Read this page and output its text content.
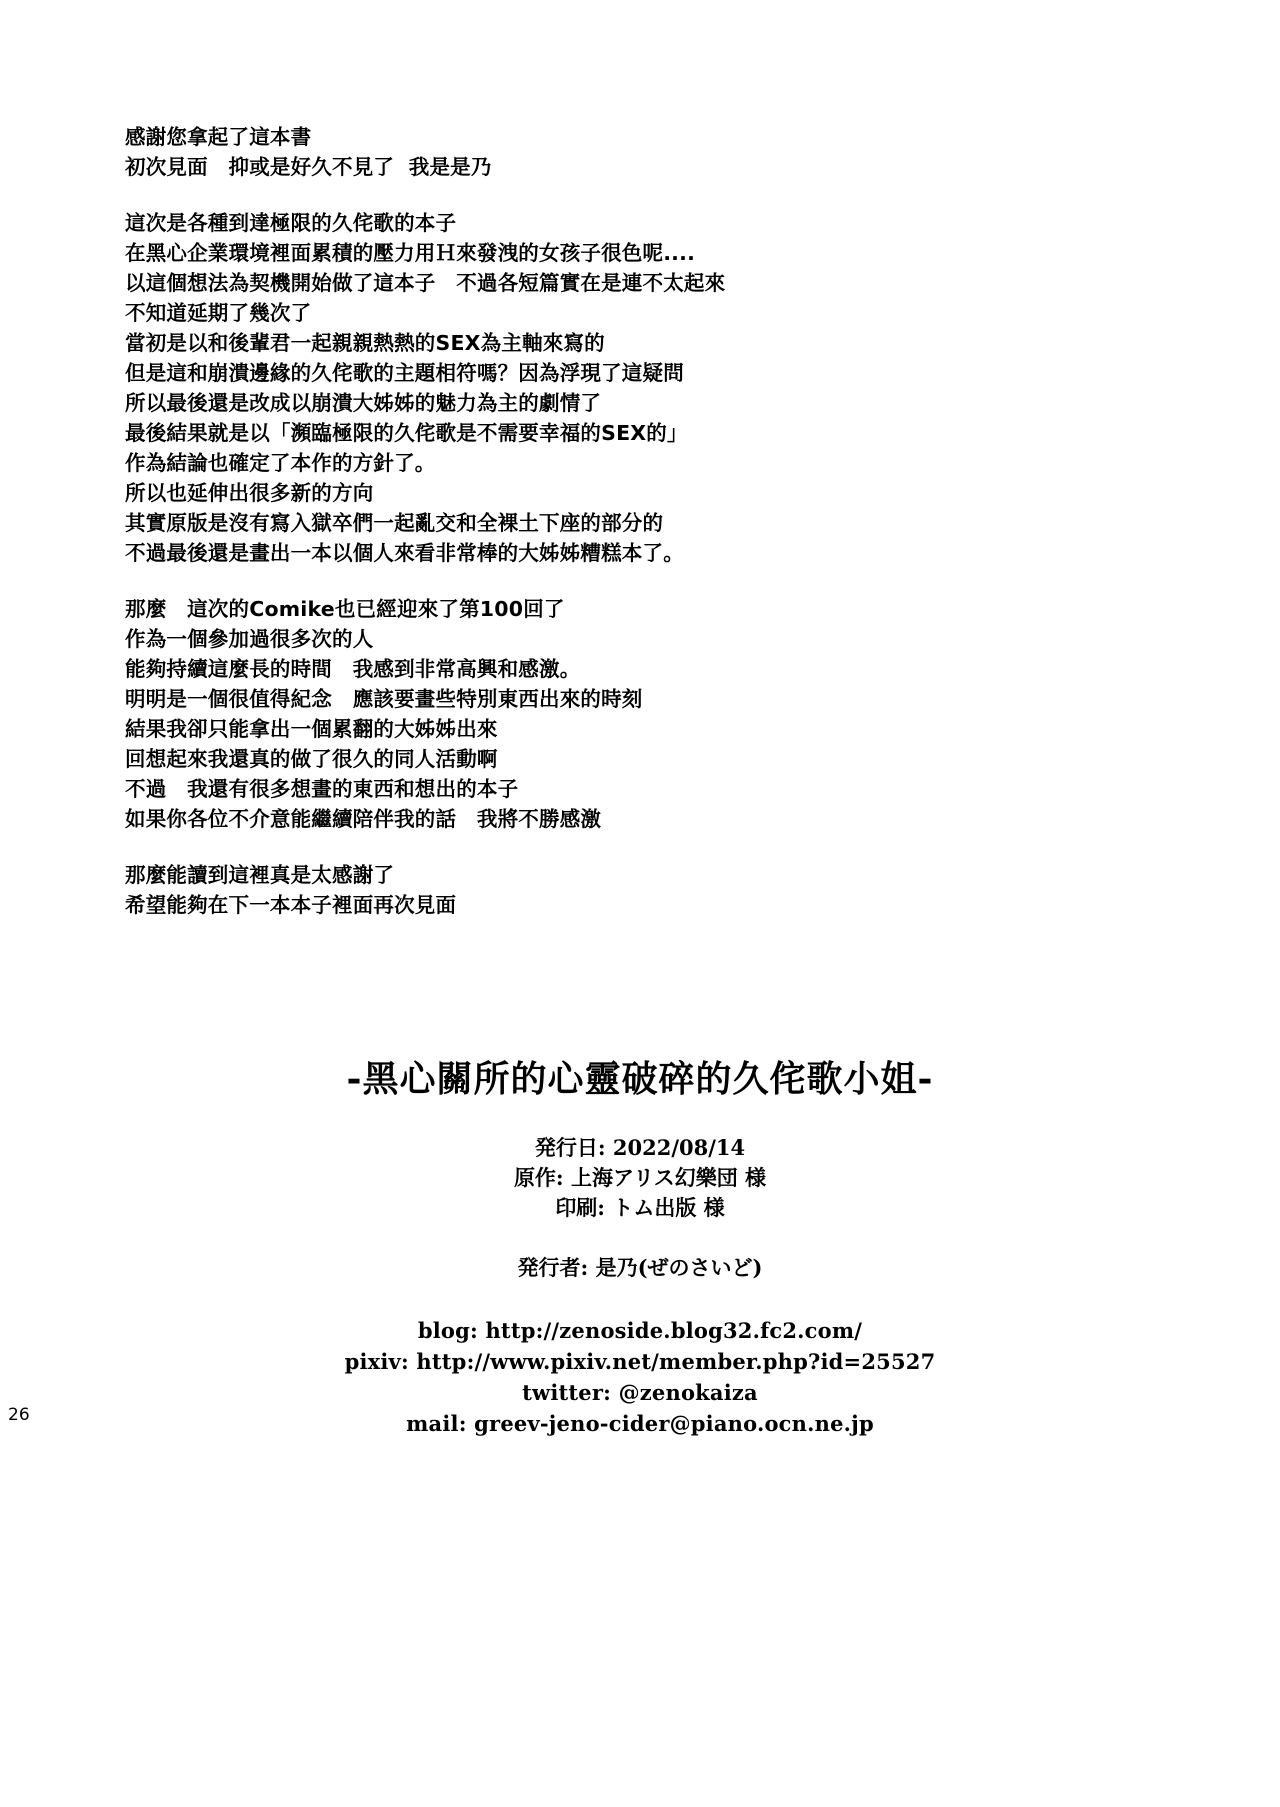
感謝您拿起了這本書
初次見面　抑或是好久不見了  我是是乃
這次是各種到達極限的久侘歌的本子
在黑心企業環境裡面累積的壓力用Ｈ來發洩的女孩子很色呢....
以這個想法為契機開始做了這本子　不過各短篇實在是連不太起來
不知道延期了幾次了
當初是以和後輩君一起親親熱熱的SEX為主軸來寫的
但是這和崩潰邊緣的久侘歌的主題相符嗎？因為浮現了這疑問
所以最後還是改成以崩潰大姊姊的魅力為主的劇情了
最後結果就是以「瀕臨極限的久侘歌是不需要幸福的SEX的」
作為結論也確定了本作的方針了。
所以也延伸出很多新的方向
其實原版是沒有寫入獄卒們一起亂交和全裸土下座的部分的
不過最後還是畫出一本以個人來看非常棒的大姊姊糟糕本了。
那麼　這次的Comike也已經迎來了第100回了
作為一個參加過很多次的人
能夠持續這麼長的時間　我感到非常高興和感激。
明明是一個很值得紀念　應該要畫些特別東西出來的時刻
結果我卻只能拿出一個累翻的大姊姊出來
回想起來我還真的做了很久的同人活動啊
不過　我還有很多想畫的東西和想出的本子
如果你各位不介意能繼續陪伴我的話　我將不勝感激
那麼能讀到這裡真是太感謝了
希望能夠在下一本本子裡面再次見面
-黑心關所的心靈破碎的久侘歌小姐-
発行日: 2022/08/14
原作: 上海アリス幻樂団 様
印刷: トム出版 様
発行者: 是乃(ぜのさいど)
blog: http://zenoside.blog32.fc2.com/
pixiv: http://www.pixiv.net/member.php?id=25527
twitter: @zenokaiza
mail: greev-jeno-cider@piano.ocn.ne.jp
26
